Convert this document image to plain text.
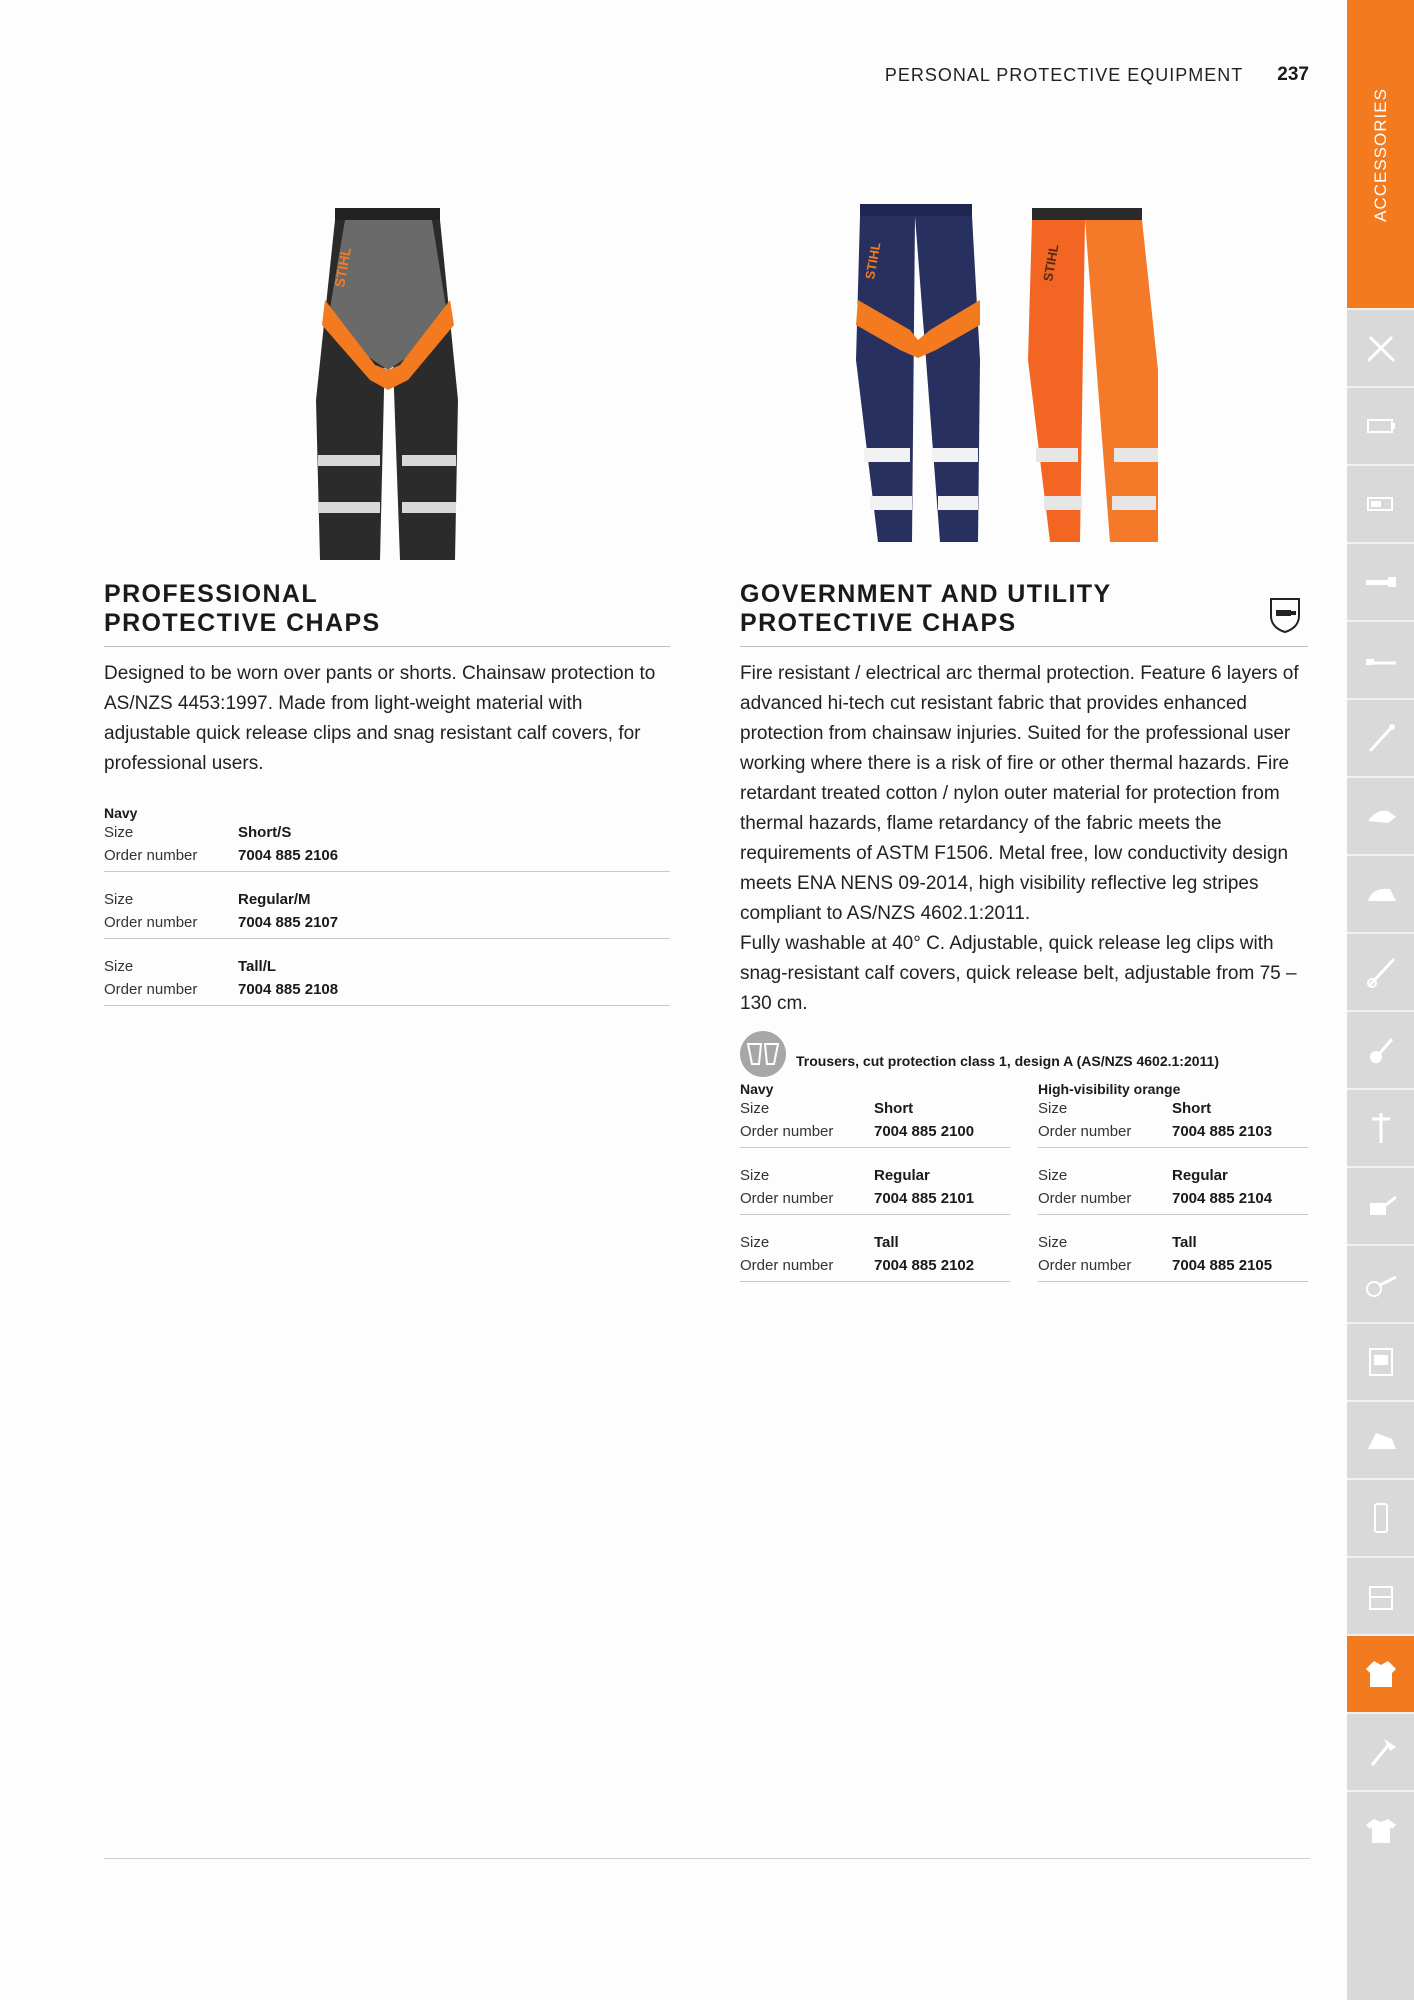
PERSONAL PROTECTIVE EQUIPMENT 237
ACCESSORIES
STIHL	STIHL	STIHL
PROFESSIONAL
PROTECTIVE CHAPS
Designed to be worn over pants or shorts. Chainsaw protection to AS/NZS 4453:1997. Made from light-weight material with adjustable quick release clips and snag resistant calf covers, for professional users.
Navy
Size	Short/S
Order number	7004 885 2106
Size	Regular/M
Order number	7004 885 2107
Size	Tall/L
Order number	7004 885 2108
GOVERNMENT AND UTILITY
PROTECTIVE CHAPS
Fire resistant / electrical arc thermal protection. Feature 6 layers of advanced hi-tech cut resistant fabric that provides enhanced protection from chainsaw injuries. Suited for the professional user working where there is a risk of fire or other thermal hazards. Fire retardant treated cotton / nylon outer material for protection from thermal hazards, flame retardancy of the fabric meets the requirements of ASTM F1506. Metal free, low conductivity design meets ENA NENS 09-2014, high visibility reflective leg stripes compliant to AS/NZS 4602.1:2011.
Fully washable at 40° C. Adjustable, quick release leg clips with snag-resistant calf covers, quick release belt, adjustable from 75 – 130 cm.
Trousers, cut protection class 1, design A (AS/NZS 4602.1:2011)
Navy
Size	Short
Order number	7004 885 2100
Size	Regular
Order number	7004 885 2101
Size	Tall
Order number	7004 885 2102
High-visibility orange
Size	Short
Order number	7004 885 2103
Size	Regular
Order number	7004 885 2104
Size	Tall
Order number	7004 885 2105
